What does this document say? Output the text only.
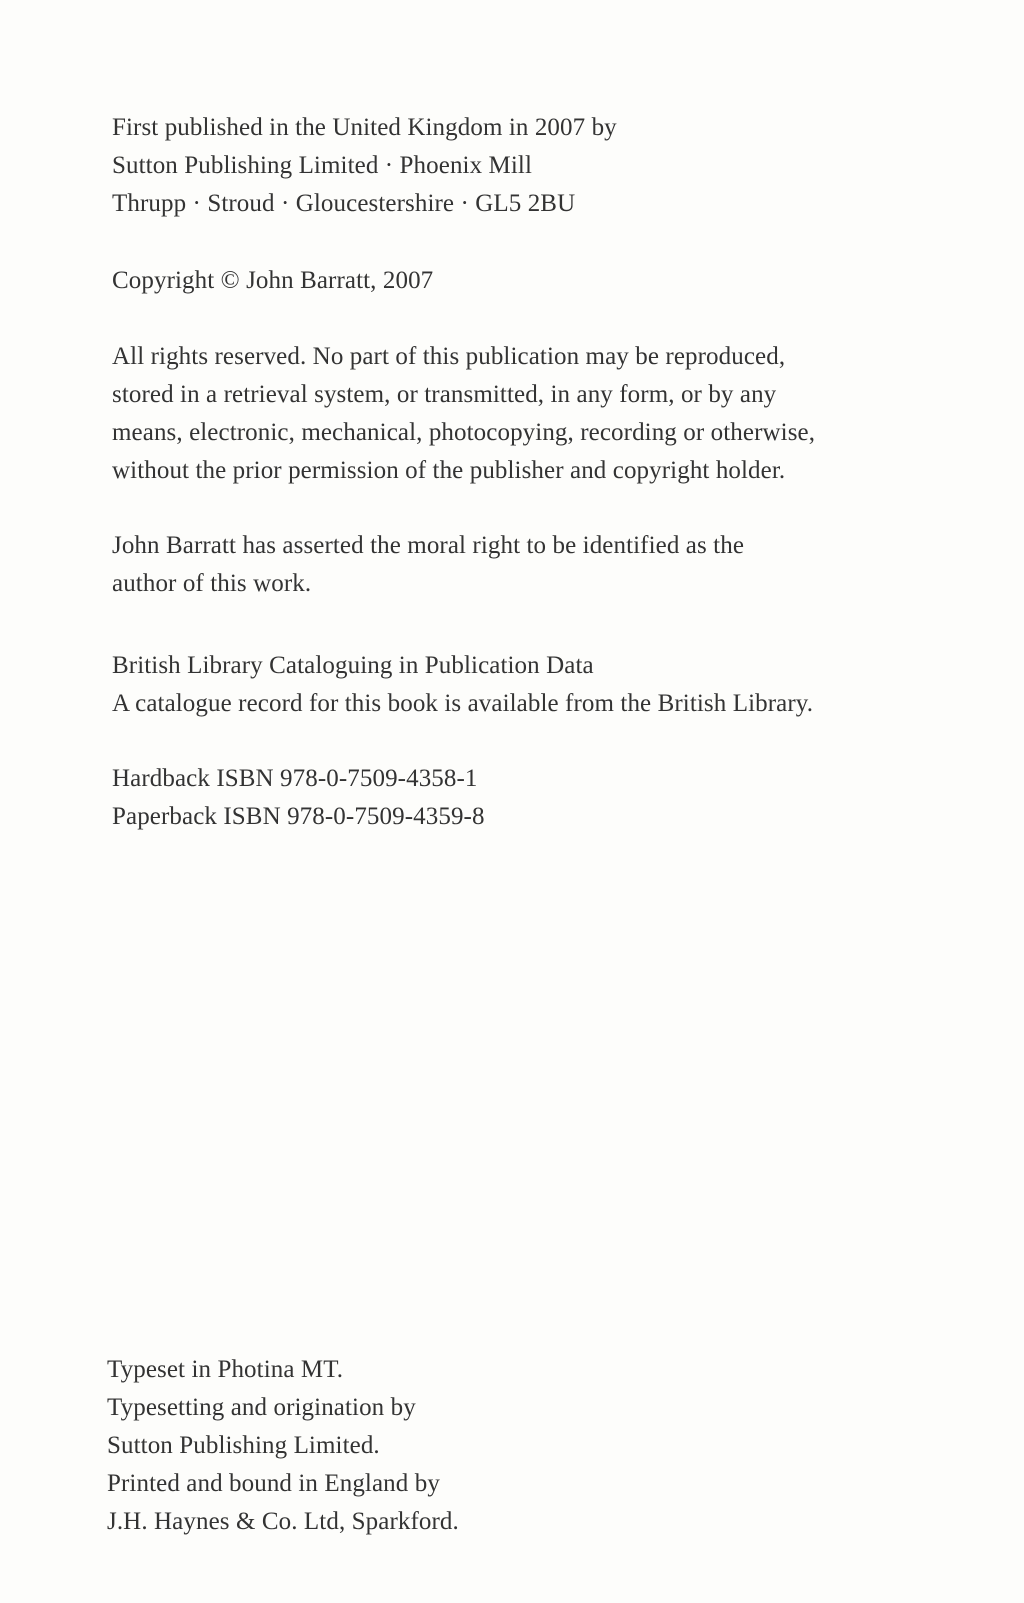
First published in the United Kingdom in 2007 by
Sutton Publishing Limited · Phoenix Mill
Thrupp · Stroud · Gloucestershire · GL5 2BU
Copyright © John Barratt, 2007
All rights reserved. No part of this publication may be reproduced,
stored in a retrieval system, or transmitted, in any form, or by any
means, electronic, mechanical, photocopying, recording or otherwise,
without the prior permission of the publisher and copyright holder.
John Barratt has asserted the moral right to be identified as the
author of this work.
British Library Cataloguing in Publication Data
A catalogue record for this book is available from the British Library.
Hardback ISBN 978-0-7509-4358-1
Paperback ISBN 978-0-7509-4359-8
Typeset in Photina MT.
Typesetting and origination by
Sutton Publishing Limited.
Printed and bound in England by
J.H. Haynes & Co. Ltd, Sparkford.
